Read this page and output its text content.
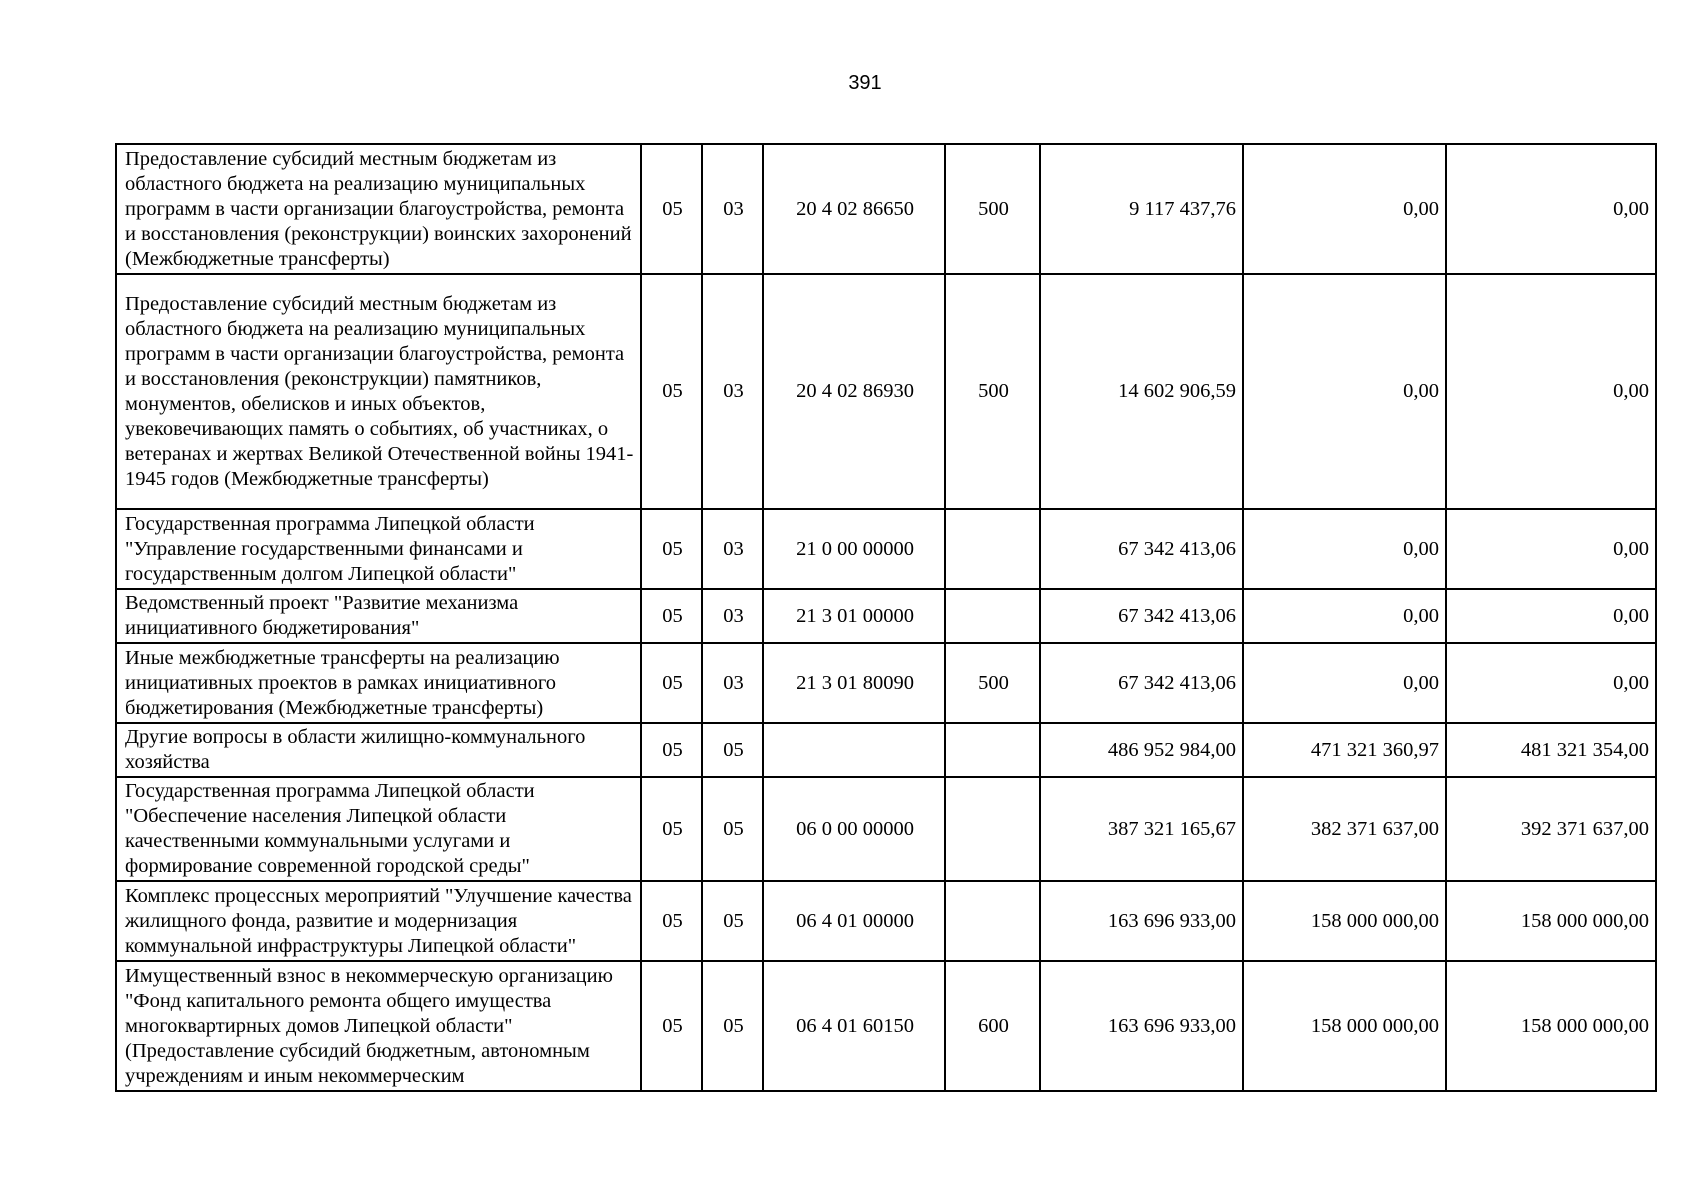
391
Предоставление субсидий местным бюджетам из областного бюджета на реализацию муниципальных программ в части организации благоустройства, ремонта и восстановления (реконструкции) воинских захоронений (Межбюджетные трансферты)	05	03	20 4 02 86650	500	9 117 437,76	0,00	0,00
Предоставление субсидий местным бюджетам из областного бюджета на реализацию муниципальных программ в части организации благоустройства, ремонта и восстановления (реконструкции) памятников, монументов, обелисков и иных объектов, увековечивающих память о событиях, об участниках, о ветеранах и жертвах Великой Отечественной войны 1941-1945 годов (Межбюджетные трансферты)	05	03	20 4 02 86930	500	14 602 906,59	0,00	0,00
Государственная программа Липецкой области "Управление государственными финансами и государственным долгом Липецкой области"	05	03	21 0 00 00000		67 342 413,06	0,00	0,00
Ведомственный проект "Развитие механизма инициативного бюджетирования"	05	03	21 3 01 00000		67 342 413,06	0,00	0,00
Иные межбюджетные трансферты на реализацию инициативных проектов в рамках инициативного бюджетирования (Межбюджетные трансферты)	05	03	21 3 01 80090	500	67 342 413,06	0,00	0,00
Другие вопросы в области жилищно-коммунального хозяйства	05	05			486 952 984,00	471 321 360,97	481 321 354,00
Государственная программа Липецкой области "Обеспечение населения Липецкой области качественными коммунальными услугами и формирование современной городской среды"	05	05	06 0 00 00000		387 321 165,67	382 371 637,00	392 371 637,00
Комплекс процессных мероприятий "Улучшение качества жилищного фонда, развитие и модернизация коммунальной инфраструктуры Липецкой области"	05	05	06 4 01 00000		163 696 933,00	158 000 000,00	158 000 000,00
Имущественный взнос в некоммерческую организацию "Фонд капитального ремонта общего имущества многоквартирных домов Липецкой области" (Предоставление субсидий бюджетным, автономным учреждениям и иным некоммерческим	05	05	06 4 01 60150	600	163 696 933,00	158 000 000,00	158 000 000,00
